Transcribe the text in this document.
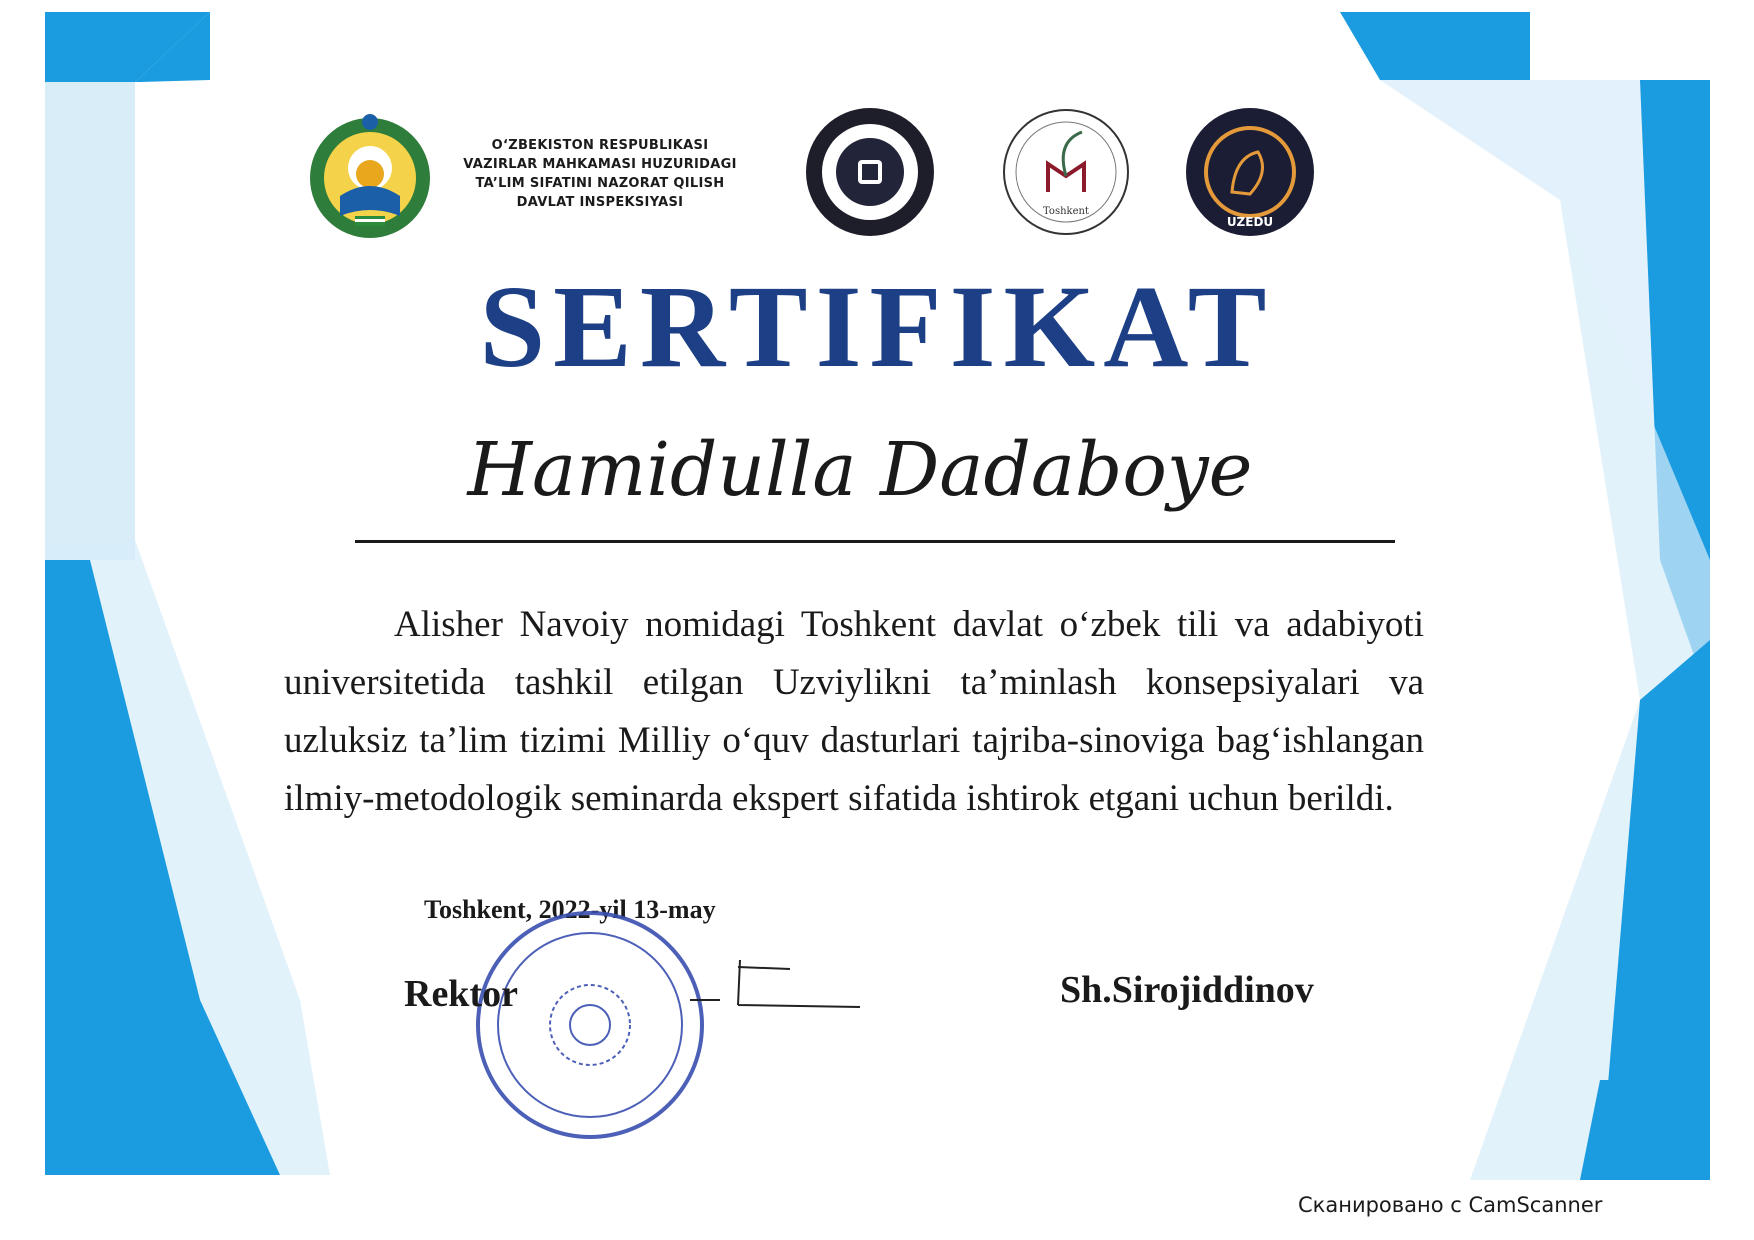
O‘ZBEKISTON RESPUBLIKASI
VAZIRLAR MAHKAMASI HUZURIDAGI
TA’LIM SIFATINI NAZORAT QILISH
DAVLAT INSPEKSIYASI
Toshkent
UZEDU
SERTIFIKAT
Hamidulla Dadaboye
Alisher Navoiy nomidagi Toshkent davlat o‘zbek tili va adabiyoti universitetida tashkil etilgan Uzviylikni ta’minlash konsepsiyalari va uzluksiz ta’lim tizimi Milliy o‘quv dasturlari tajriba-sinoviga bag‘ishlangan ilmiy-metodologik seminarda ekspert sifatida ishtirok etgani uchun berildi.
Toshkent, 2022-yil 13-may
Rektor	Sh.Sirojiddinov
Сканировано с CamScanner
